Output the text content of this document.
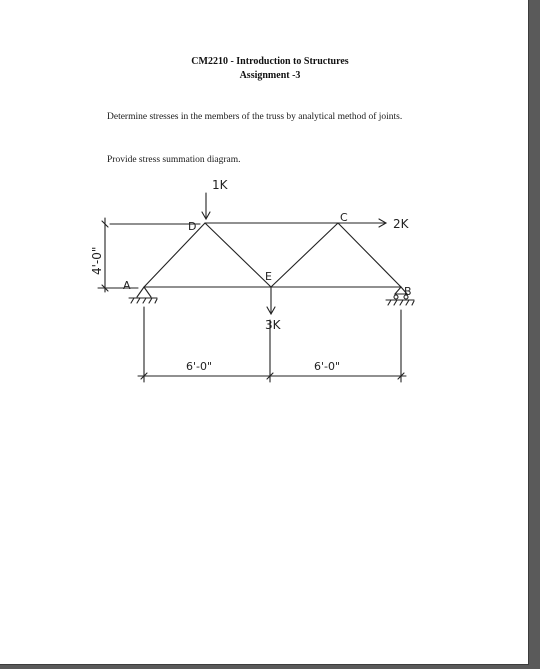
CM2210 - Introduction to Structures
Assignment -3
Determine stresses in the members of the truss by analytical method of joints.
Provide stress summation diagram.
1K
2K
3K
D
C
E
A	B
4'-0"
6'-0"	6'-0"
